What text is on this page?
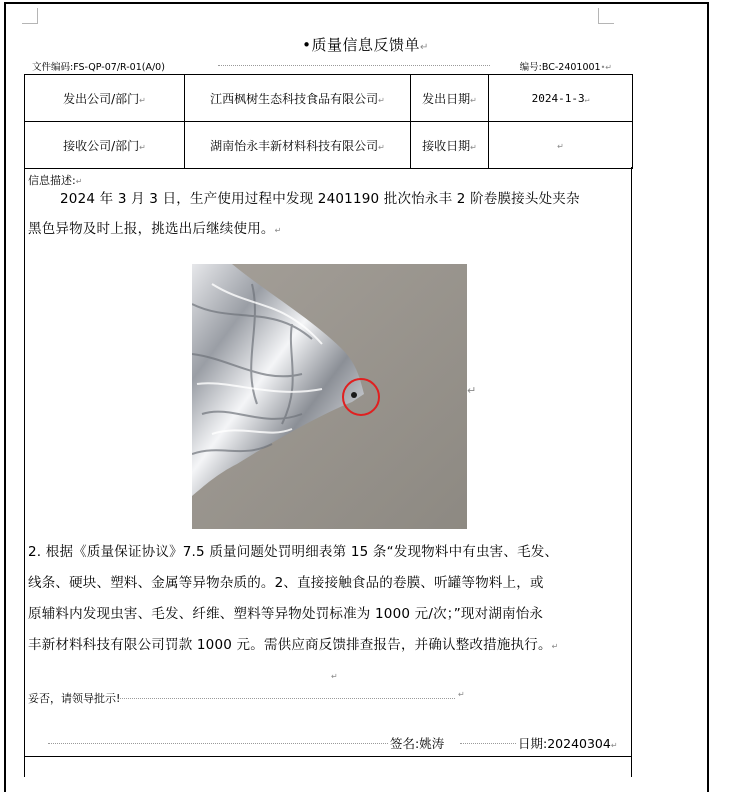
•质量信息反馈单↵
文件编码:FS-QP-07/R-01(A/0)	编号:BC-2401001•↵
发出公司/部门↵	江西枫树生态科技食品有限公司↵	发出日期↵	2024-1-3↵
接收公司/部门↵	湖南怡永丰新材料科技有限公司↵	接收日期↵	↵
信息描述:↵
2024 年 3 月 3 日，生产使用过程中发现 2401190 批次怡永丰 2 阶卷膜接头处夹杂
黑色异物及时上报，挑选出后继续使用。↵
↵
2. 根据《质量保证协议》7.5 质量问题处罚明细表第 15 条“发现物料中有虫害、毛发、
线条、硬块、塑料、金属等异物杂质的。2、直接接触食品的卷膜、听罐等物料上，或
原辅料内发现虫害、毛发、纤维、塑料等异物处罚标准为 1000 元/次；”现对湖南怡永
丰新材料科技有限公司罚款 1000 元。需供应商反馈排查报告，并确认整改措施执行。↵
↵
妥否，请领导批示!	↵
签名:姚涛	日期:20240304↵
